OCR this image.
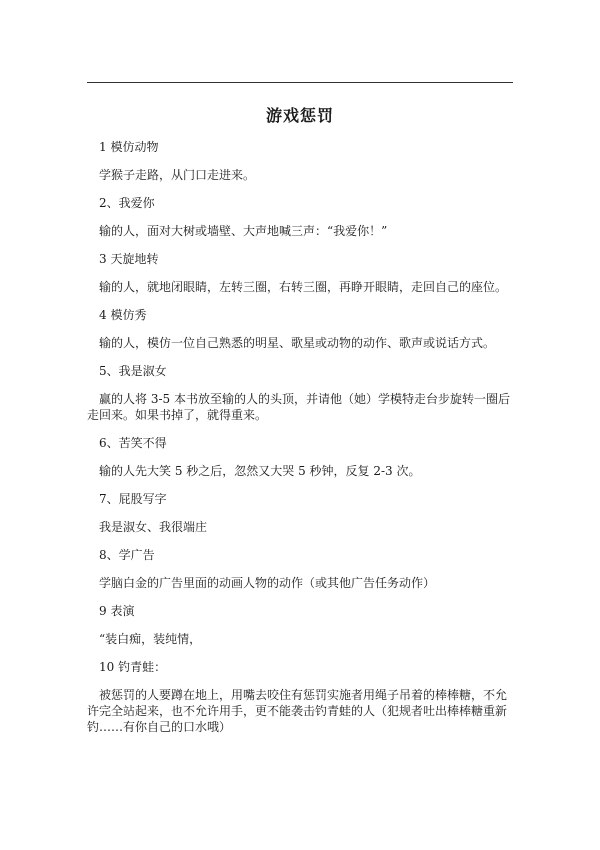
游戏惩罚

1 模仿动物

学猴子走路，从门口走进来。

2、我爱你

输的人，面对大树或墙壁、大声地喊三声：“我爱你！”

3 天旋地转

输的人，就地闭眼睛，左转三圈，右转三圈，再睁开眼睛，走回自己的座位。

4 模仿秀

输的人，模仿一位自己熟悉的明星、歌星或动物的动作、歌声或说话方式。

5、我是淑女

赢的人将 3-5 本书放至输的人的头顶，并请他（她）学模特走台步旋转一圈后走回来。如果书掉了，就得重来。

6、苦笑不得

输的人先大笑 5 秒之后，忽然又大哭 5 秒钟，反复 2-3 次。

7、屁股写字

我是淑女、我很端庄

8、学广告

学脑白金的广告里面的动画人物的动作（或其他广告任务动作）

9 表演

“装白痴，装纯情，

10 钓青蛙：

被惩罚的人要蹲在地上，用嘴去咬住有惩罚实施者用绳子吊着的棒棒糖，不允许完全站起来，也不允许用手，更不能袭击钓青蛙的人（犯规者吐出棒棒糖重新钓……有你自己的口水哦）
